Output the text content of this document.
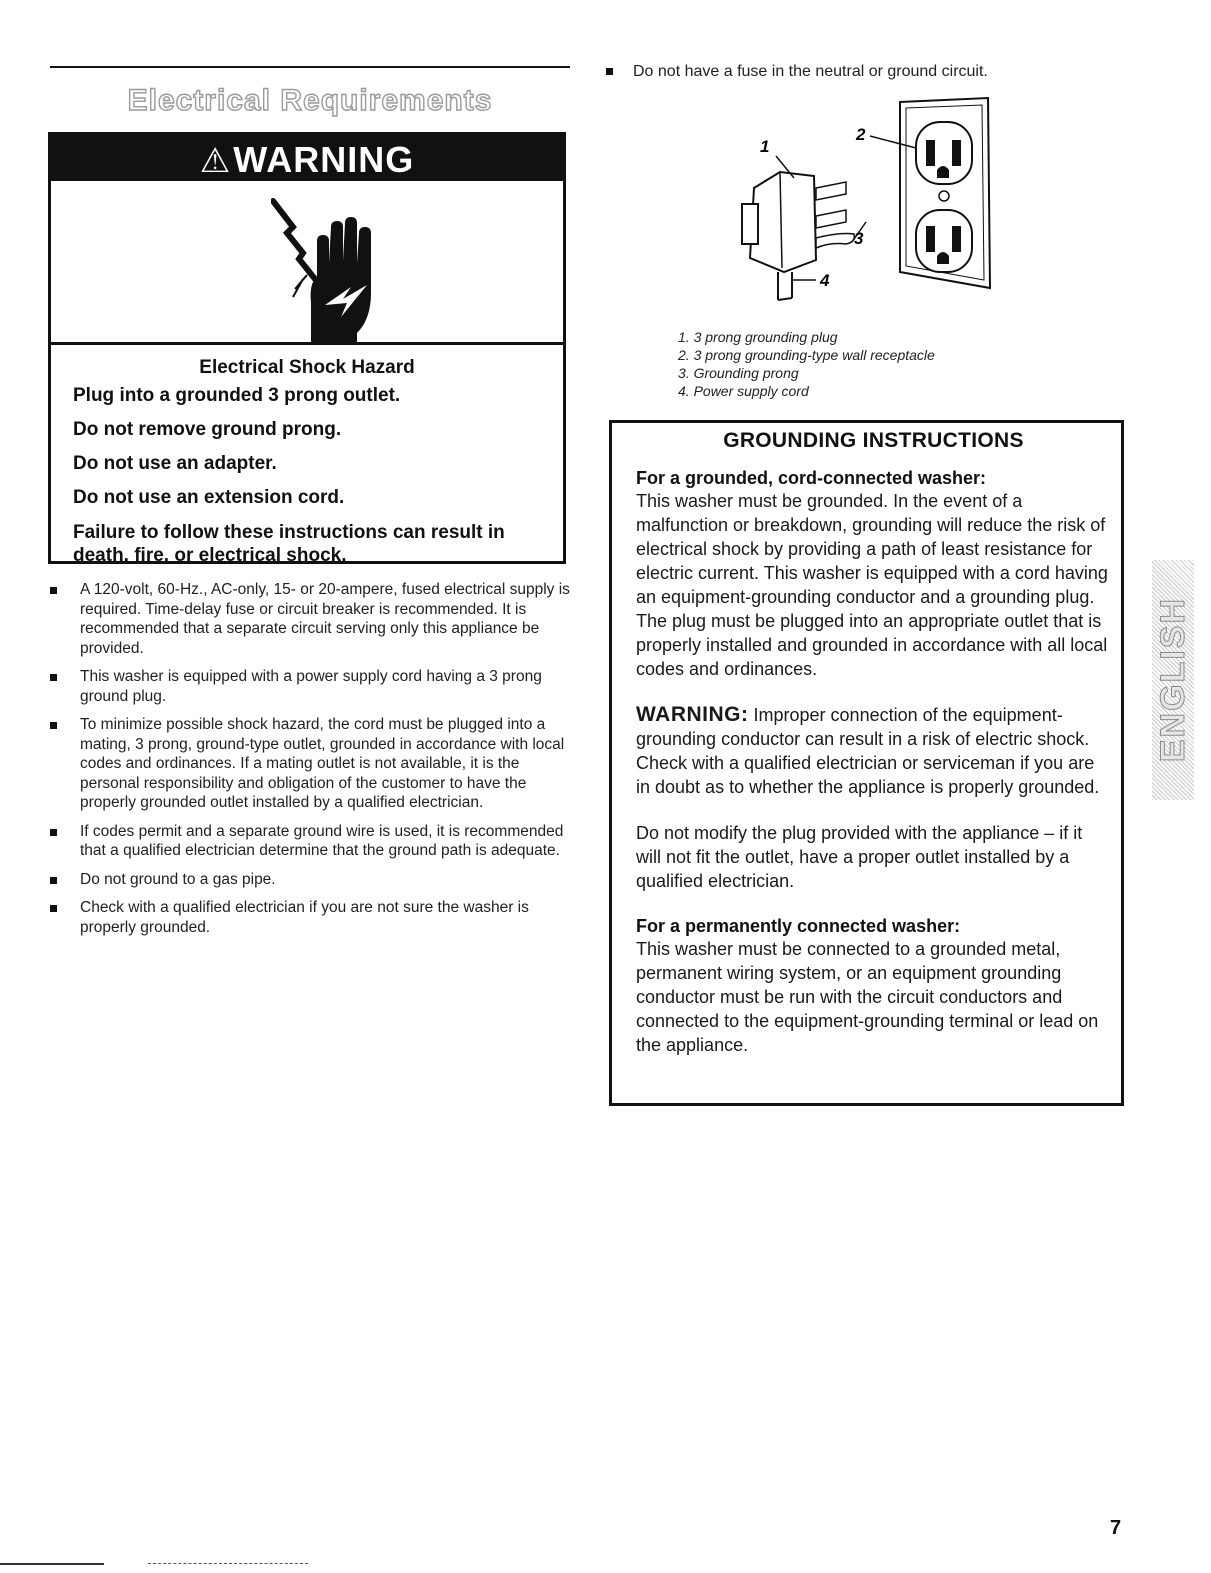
Electrical Requirements
⚠WARNING
Electrical Shock Hazard

Plug into a grounded 3 prong outlet.

Do not remove ground prong.

Do not use an adapter.

Do not use an extension cord.

Failure to follow these instructions can result in death, fire, or electrical shock.

A 120-volt, 60-Hz., AC-only, 15- or 20-ampere, fused electrical supply is required. Time-delay fuse or circuit breaker is recommended. It is recommended that a separate circuit serving only this appliance be provided.
This washer is equipped with a power supply cord having a 3 prong ground plug.
To minimize possible shock hazard, the cord must be plugged into a mating, 3 prong, ground-type outlet, grounded in accordance with local codes and ordinances. If a mating outlet is not available, it is the personal responsibility and obligation of the customer to have the properly grounded outlet installed by a qualified electrician.
If codes permit and a separate ground wire is used, it is recommended that a qualified electrician determine that the ground path is adequate.
Do not ground to a gas pipe.
Check with a qualified electrician if you are not sure the washer is properly grounded.
Do not have a fuse in the neutral or ground circuit.
1
2
3
4
1. 3 prong grounding plug
2. 3 prong grounding-type wall receptacle
3. Grounding prong
4. Power supply cord
GROUNDING INSTRUCTIONS

For a grounded, cord-connected washer:

This washer must be grounded. In the event of a malfunction or breakdown, grounding will reduce the risk of electrical shock by providing a path of least resistance for electric current. This washer is equipped with a cord having an equipment-grounding conductor and a grounding plug. The plug must be plugged into an appropriate outlet that is properly installed and grounded in accordance with all local codes and ordinances.

WARNING: Improper connection of the equipment-grounding conductor can result in a risk of electric shock. Check with a qualified electrician or serviceman if you are in doubt as to whether the appliance is properly grounded.

Do not modify the plug provided with the appliance – if it will not fit the outlet, have a proper outlet installed by a qualified electrician.

For a permanently connected washer:

This washer must be connected to a grounded metal, permanent wiring system, or an equipment grounding conductor must be run with the circuit conductors and connected to the equipment-grounding terminal or lead on the appliance.

ENGLISH
7
